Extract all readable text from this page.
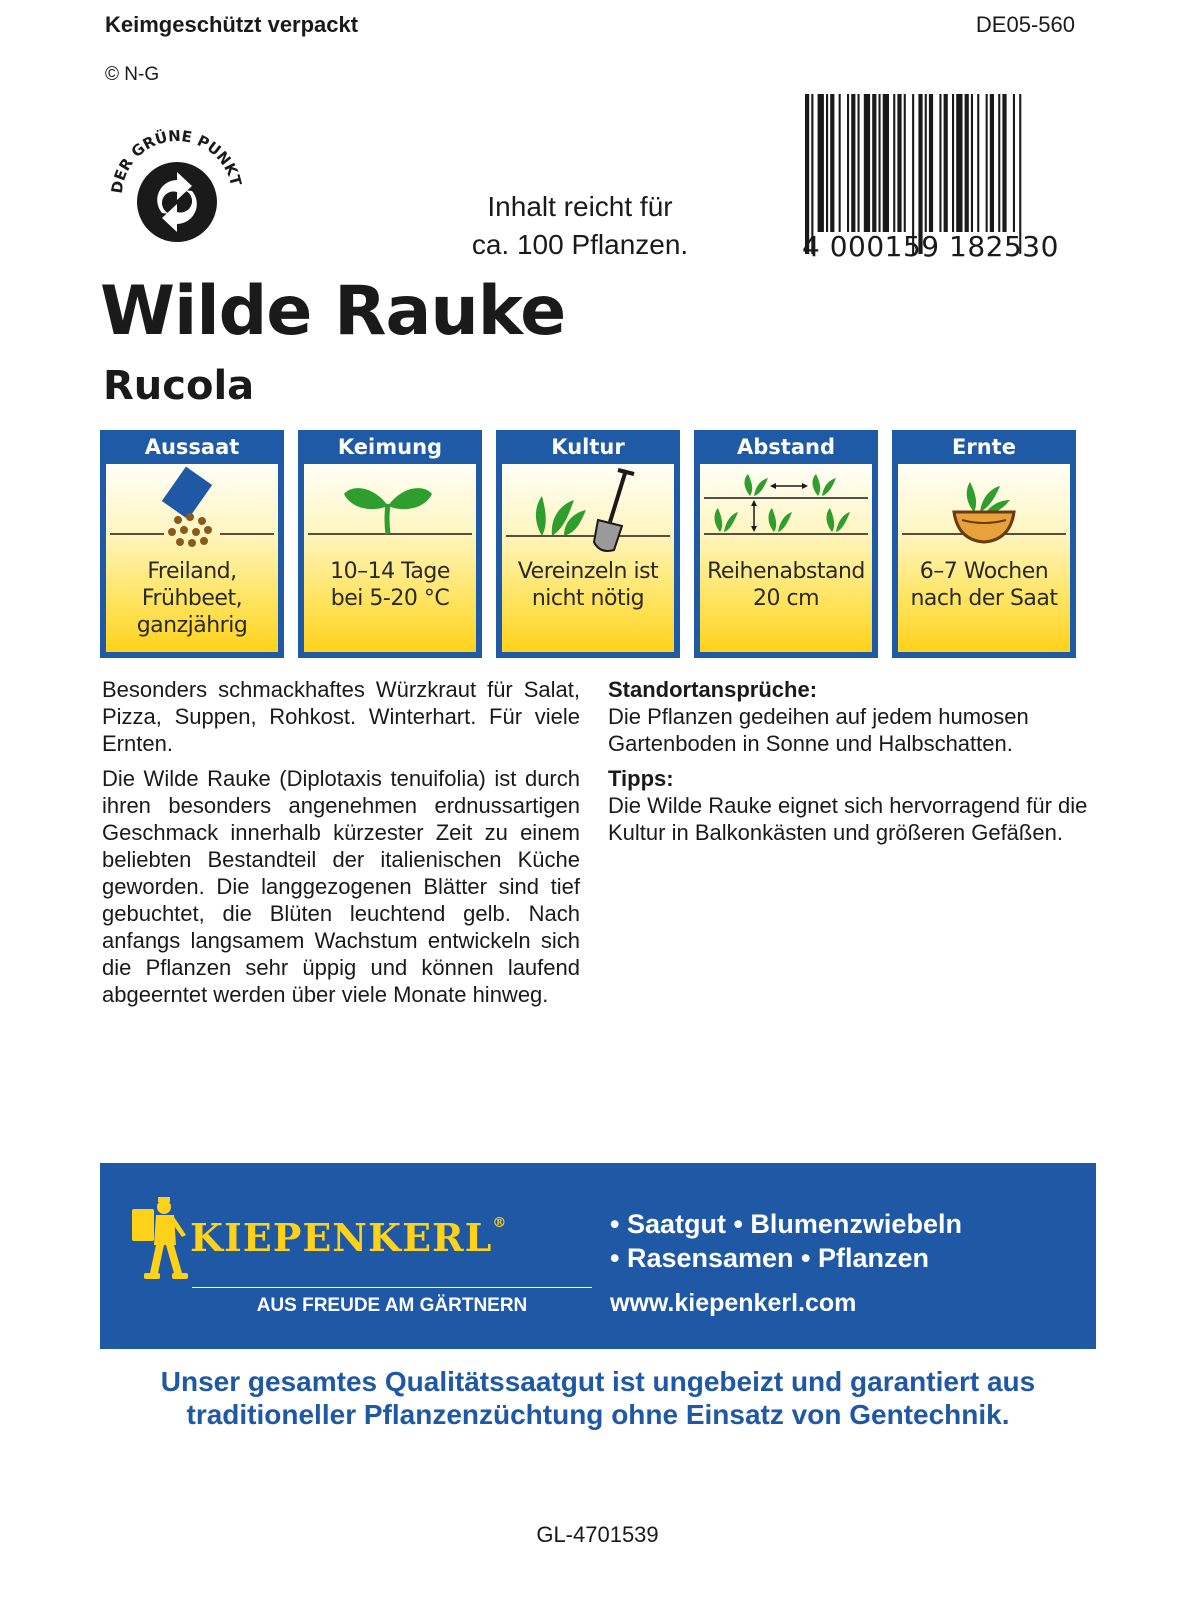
Keimgeschützt verpackt
© N-G
DE05-560
DER GRÜNE PUNKT
Inhalt reicht für
ca. 100 Pflanzen.	4 000159 182530
Wilde Rauke
Rucola
Aussaat
Freiland,
Frühbeet,
ganzjährig
Keimung
10–14 Tage
bei 5-20 °C
Kultur
Vereinzeln ist
nicht nötig
Abstand
Reihenabstand
20 cm
Ernte
6–7 Wochen
nach der Saat

Besonders schmackhaftes Würzkraut für Salat, Pizza, Suppen, Rohkost. Winterhart. Für viele Ernten.

Die Wilde Rauke (Diplotaxis tenuifolia) ist durch ihren besonders angenehmen erdnussartigen Geschmack innerhalb kürzester Zeit zu einem beliebten Bestandteil der italienischen Küche geworden. Die langgezogenen Blätter sind tief gebuchtet, die Blüten leuchtend gelb. Nach anfangs langsamem Wachstum entwickeln sich die Pflanzen sehr üppig und können laufend abgeerntet werden über viele Monate hinweg.

Standortansprüche:

Die Pflanzen gedeihen auf jedem humosen Gartenboden in Sonne und Halbschatten.

Tipps:

Die Wilde Rauke eignet sich hervorragend für die Kultur in Balkonkästen und größeren Gefäßen.

KIEPENKERL®
AUS FREUDE AM GÄRTNERN
• Saatgut • Blumenzwiebeln
• Rasensamen • Pflanzen
www.kiepenkerl.com
Unser gesamtes Qualitätssaatgut ist ungebeizt und garantiert aus
traditioneller Pflanzenzüchtung ohne Einsatz von Gentechnik.
GL-4701539
